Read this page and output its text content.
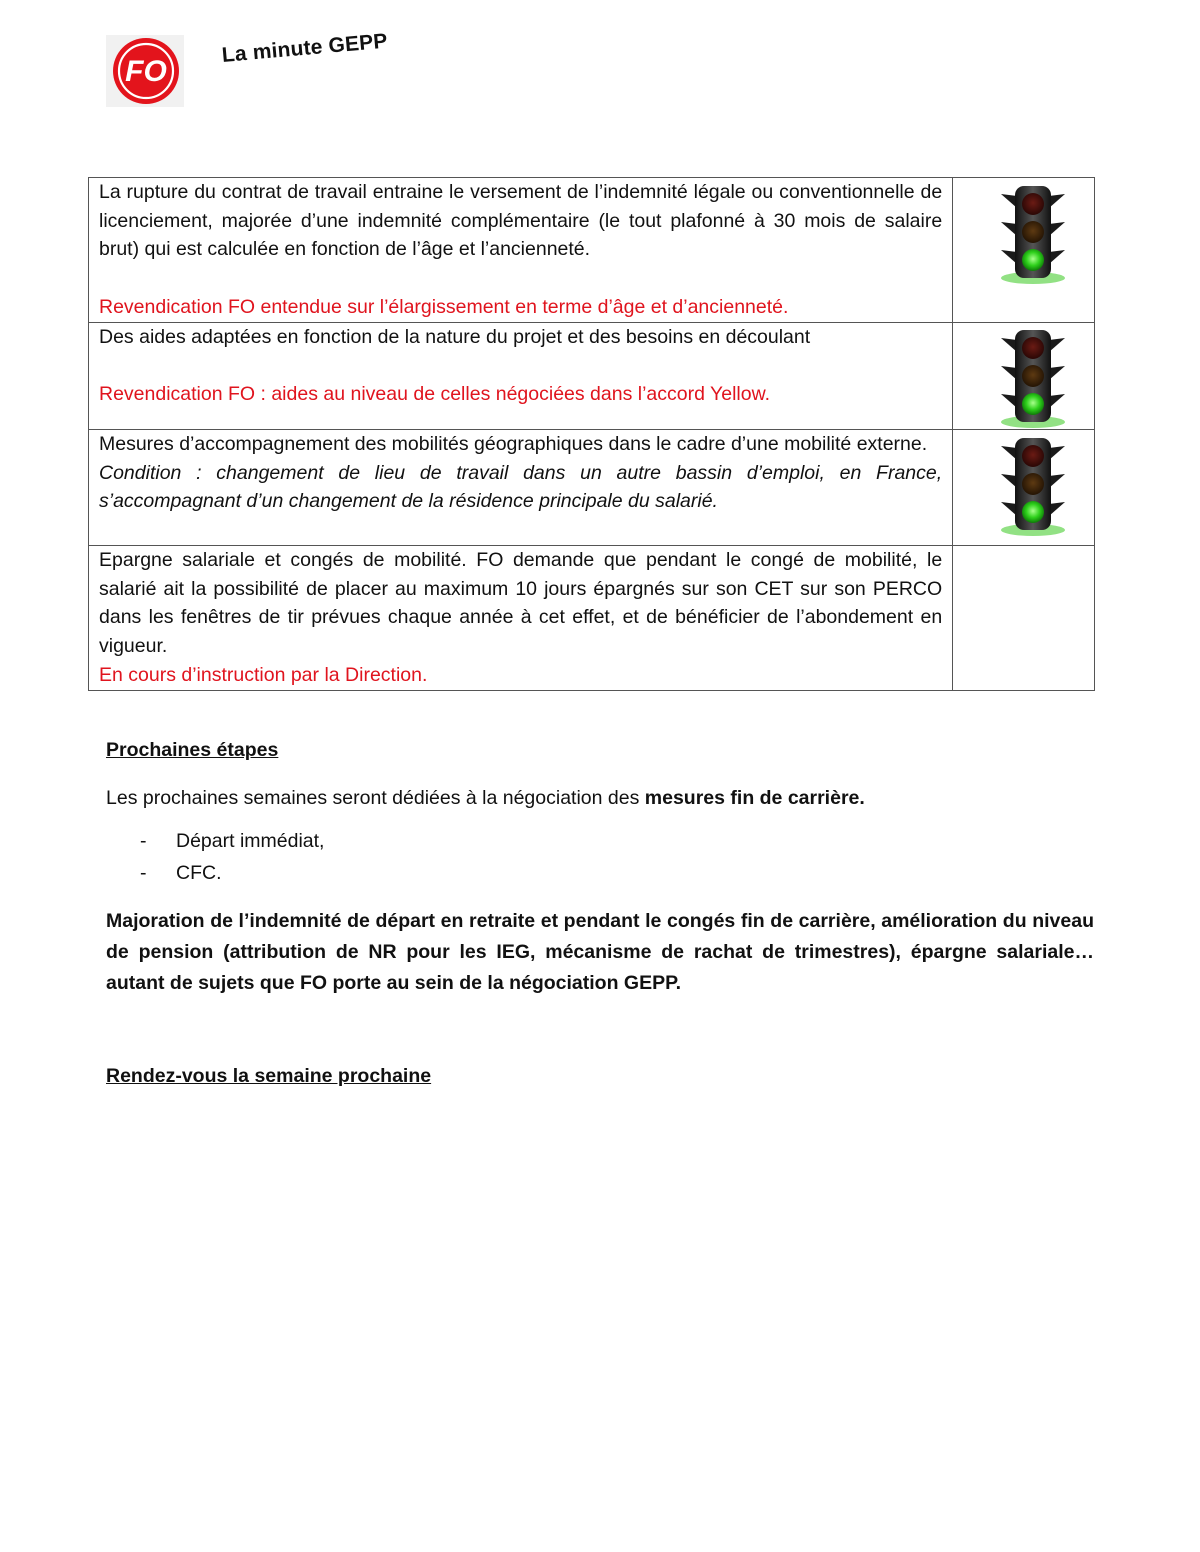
FO
La minute GEPP
La rupture du contrat de travail entraine le versement de l’indemnité légale ou conventionnelle de licenciement, majorée d’une indemnité complémentaire (le tout plafonné à 30 mois de salaire brut) qui est calculée en fonction de l’âge et l’ancienneté.
Revendication FO entendue sur l’élargissement en terme d’âge et d’ancienneté.

Des aides adaptées en fonction de la nature du projet et des besoins en découlant
Revendication FO : aides au niveau de celles négociées dans l’accord Yellow.

Mesures d’accompagnement des mobilités géographiques dans le cadre d’une mobilité externe.
Condition : changement de lieu de travail dans un autre bassin d’emploi, en France, s’accompagnant d’un changement de la résidence principale du salarié.

Epargne salariale et congés de mobilité. FO demande que pendant le congé de mobilité, le salarié ait la possibilité de placer au maximum 10 jours épargnés sur son CET sur son PERCO dans les fenêtres de tir prévues chaque année à cet effet, et de bénéficier de l’abondement en vigueur.
En cours d’instruction par la Direction.	

Prochaines étapes
Les prochaines semaines seront dédiées à la négociation des mesures fin de carrière.
-	Départ immédiat,
-	CFC.
Majoration de l’indemnité de départ en retraite et pendant le congés fin de carrière, amélioration du niveau de pension (attribution de NR pour les IEG, mécanisme de rachat de trimestres), épargne salariale… autant de sujets que FO porte au sein de la négociation GEPP.
Rendez-vous la semaine prochaine
